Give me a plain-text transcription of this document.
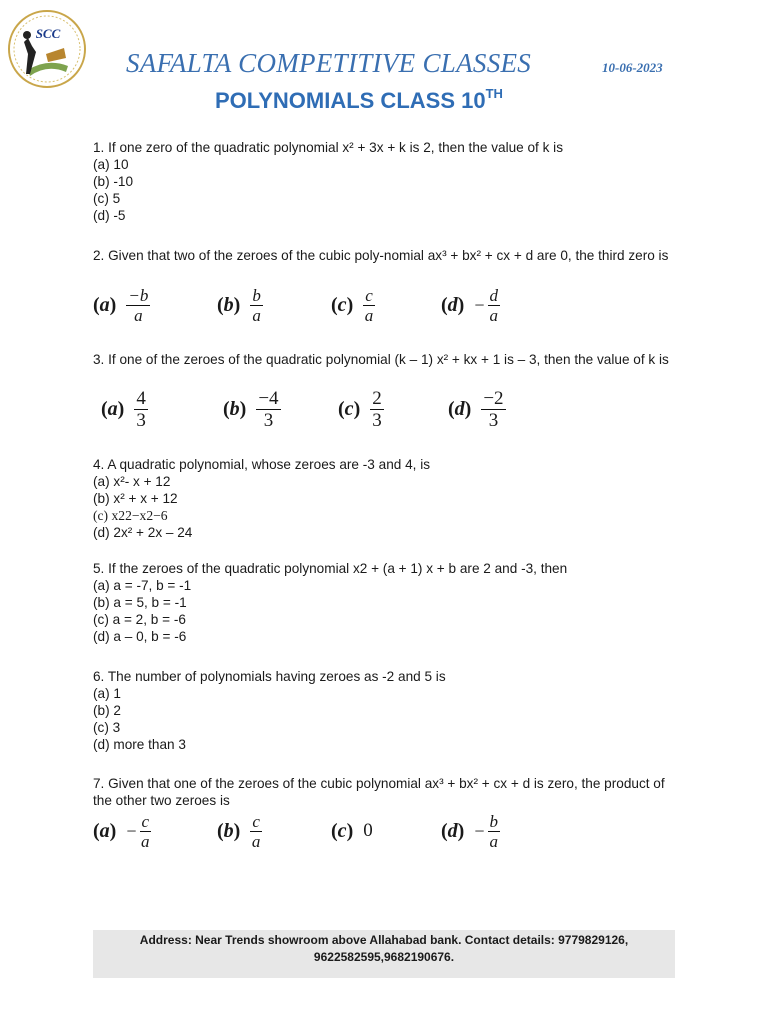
SCC
SAFALTA COMPETITIVE CLASSES	10-06-2023
POLYNOMIALS CLASS 10TH
1. If one zero of the quadratic polynomial x² + 3x + k is 2, then the value of k is
(a) 10
(b) -10
(c) 5
(d) -5
2. Given that two of the zeroes of the cubic poly-nomial ax³ + bx² + cx + d are 0, the third zero is
$(a) \frac{-b}{a}$	$(b) \frac{b}{a}$	$(c) \frac{c}{a}$	$(d) - \frac{d}{a}$
3. If one of the zeroes of the quadratic polynomial (k – 1) x² + kx + 1 is – 3, then the value of k is
$(a) \frac{4}{3}$	$(b) \frac{-4}{3}$	$(c) \frac{2}{3}$	$(d) \frac{-2}{3}$
4. A quadratic polynomial, whose zeroes are -3 and 4, is
(a) x²- x + 12
(b) x² + x + 12
(c) x22−x2−6
(d) 2x² + 2x – 24
5. If the zeroes of the quadratic polynomial x2 + (a + 1) x + b are 2 and -3, then
(a) a = -7, b = -1
(b) a = 5, b = -1
(c) a = 2, b = -6
(d) a – 0, b = -6
6. The number of polynomials having zeroes as -2 and 5 is
(a) 1
(b) 2
(c) 3
(d) more than 3
7. Given that one of the zeroes of the cubic polynomial ax³ + bx² + cx + d is zero, the product of the other two zeroes is
$(a) - \frac{c}{a}$	$(b) \frac{c}{a}$	(c) 0	$(d) - \frac{b}{a}$
Address: Near Trends showroom above Allahabad bank. Contact details: 9779829126,
9622582595,9682190676.
